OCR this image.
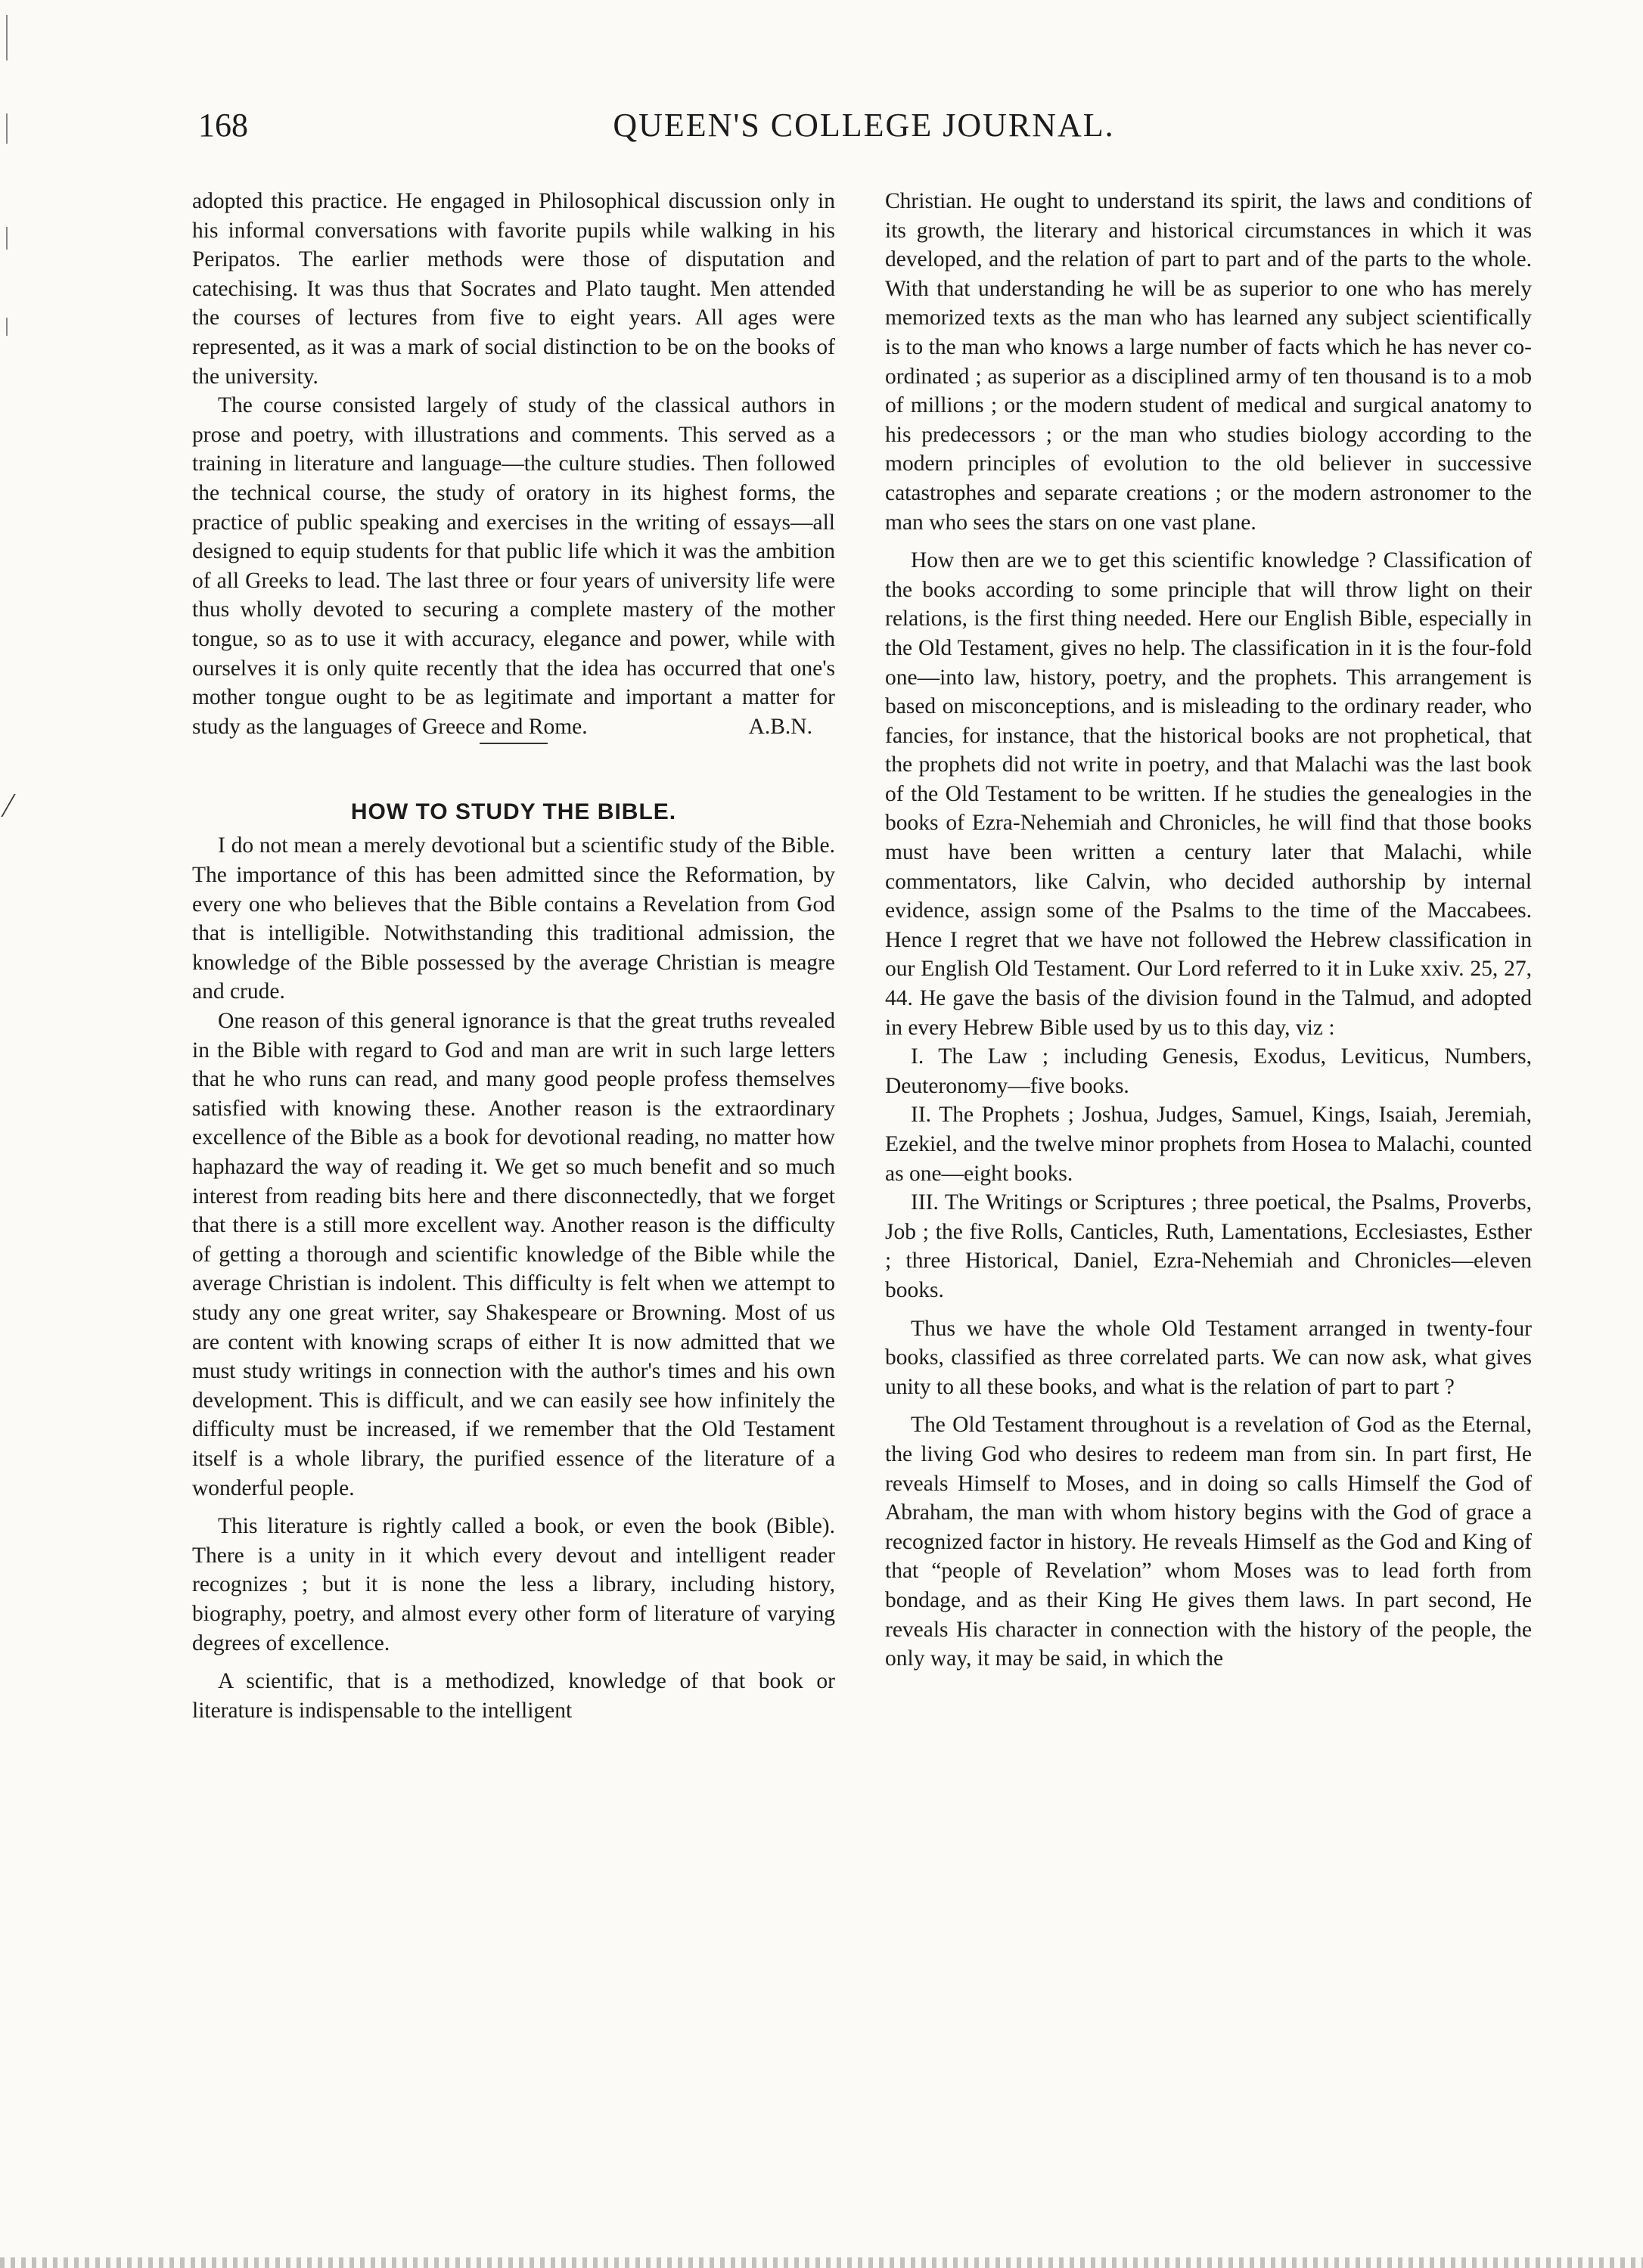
168	QUEEN'S COLLEGE JOURNAL.

adopted this practice. He engaged in Philosophical discussion only in his informal conversations with favorite pupils while walking in his Peripatos. The earlier methods were those of disputation and catechising. It was thus that Socrates and Plato taught. Men attended the courses of lectures from five to eight years. All ages were represented, as it was a mark of social distinction to be on the books of the university.

The course consisted largely of study of the classical authors in prose and poetry, with illustrations and comments. This served as a training in literature and language—the culture studies. Then followed the technical course, the study of oratory in its highest forms, the practice of public speaking and exercises in the writing of essays—all designed to equip students for that public life which it was the ambition of all Greeks to lead. The last three or four years of university life were thus wholly devoted to securing a complete mastery of the mother tongue, so as to use it with accuracy, elegance and power, while with ourselves it is only quite recently that the idea has occurred that one's mother tongue ought to be as legitimate and important a matter for study as the languages of Greece and Rome.	A.B.N.
HOW TO STUDY THE BIBLE.

I do not mean a merely devotional but a scientific study of the Bible. The importance of this has been admitted since the Reformation, by every one who believes that the Bible contains a Revelation from God that is intelligible. Notwithstanding this traditional admission, the knowledge of the Bible possessed by the average Christian is meagre and crude.

One reason of this general ignorance is that the great truths revealed in the Bible with regard to God and man are writ in such large letters that he who runs can read, and many good people profess themselves satisfied with knowing these. Another reason is the extraordinary excellence of the Bible as a book for devotional reading, no matter how haphazard the way of reading it. We get so much benefit and so much interest from reading bits here and there disconnectedly, that we forget that there is a still more excellent way. Another reason is the difficulty of getting a thorough and scientific knowledge of the Bible while the average Christian is indolent. This difficulty is felt when we attempt to study any one great writer, say Shakespeare or Browning. Most of us are content with knowing scraps of either It is now admitted that we must study writings in connection with the author's times and his own development. This is difficult, and we can easily see how infinitely the difficulty must be increased, if we remember that the Old Testament itself is a whole library, the purified essence of the literature of a wonderful people.

This literature is rightly called a book, or even the book (Bible). There is a unity in it which every devout and intelligent reader recognizes ; but it is none the less a library, including history, biography, poetry, and almost every other form of literature of varying degrees of excellence.

A scientific, that is a methodized, knowledge of that book or literature is indispensable to the intelligent

Christian. He ought to understand its spirit, the laws and conditions of its growth, the literary and historical circumstances in which it was developed, and the relation of part to part and of the parts to the whole. With that understanding he will be as superior to one who has merely memorized texts as the man who has learned any subject scientifically is to the man who knows a large number of facts which he has never co-ordinated ; as superior as a disciplined army of ten thousand is to a mob of millions ; or the modern student of medical and surgical anatomy to his predecessors ; or the man who studies biology according to the modern principles of evolution to the old believer in successive catastrophes and separate creations ; or the modern astronomer to the man who sees the stars on one vast plane.

How then are we to get this scientific knowledge ? Classification of the books according to some principle that will throw light on their relations, is the first thing needed. Here our English Bible, especially in the Old Testament, gives no help. The classification in it is the four-fold one—into law, history, poetry, and the prophets. This arrangement is based on misconceptions, and is misleading to the ordinary reader, who fancies, for instance, that the historical books are not prophetical, that the prophets did not write in poetry, and that Malachi was the last book of the Old Testament to be written. If he studies the genealogies in the books of Ezra-Nehemiah and Chronicles, he will find that those books must have been written a century later that Malachi, while commentators, like Calvin, who decided authorship by internal evidence, assign some of the Psalms to the time of the Maccabees. Hence I regret that we have not followed the Hebrew classification in our English Old Testament. Our Lord referred to it in Luke xxiv. 25, 27, 44. He gave the basis of the division found in the Talmud, and adopted in every Hebrew Bible used by us to this day, viz :

I. The Law ; including Genesis, Exodus, Leviticus, Numbers, Deuteronomy—five books.

II. The Prophets ; Joshua, Judges, Samuel, Kings, Isaiah, Jeremiah, Ezekiel, and the twelve minor prophets from Hosea to Malachi, counted as one—eight books.

III. The Writings or Scriptures ; three poetical, the Psalms, Proverbs, Job ; the five Rolls, Canticles, Ruth, Lamentations, Ecclesiastes, Esther ; three Historical, Daniel, Ezra-Nehemiah and Chronicles—eleven books.

Thus we have the whole Old Testament arranged in twenty-four books, classified as three correlated parts. We can now ask, what gives unity to all these books, and what is the relation of part to part ?

The Old Testament throughout is a revelation of God as the Eternal, the living God who desires to redeem man from sin. In part first, He reveals Himself to Moses, and in doing so calls Himself the God of Abraham, the man with whom history begins with the God of grace a recognized factor in history. He reveals Himself as the God and King of that “people of Revelation” whom Moses was to lead forth from bondage, and as their King He gives them laws. In part second, He reveals His character in connection with the history of the people, the only way, it may be said, in which the
